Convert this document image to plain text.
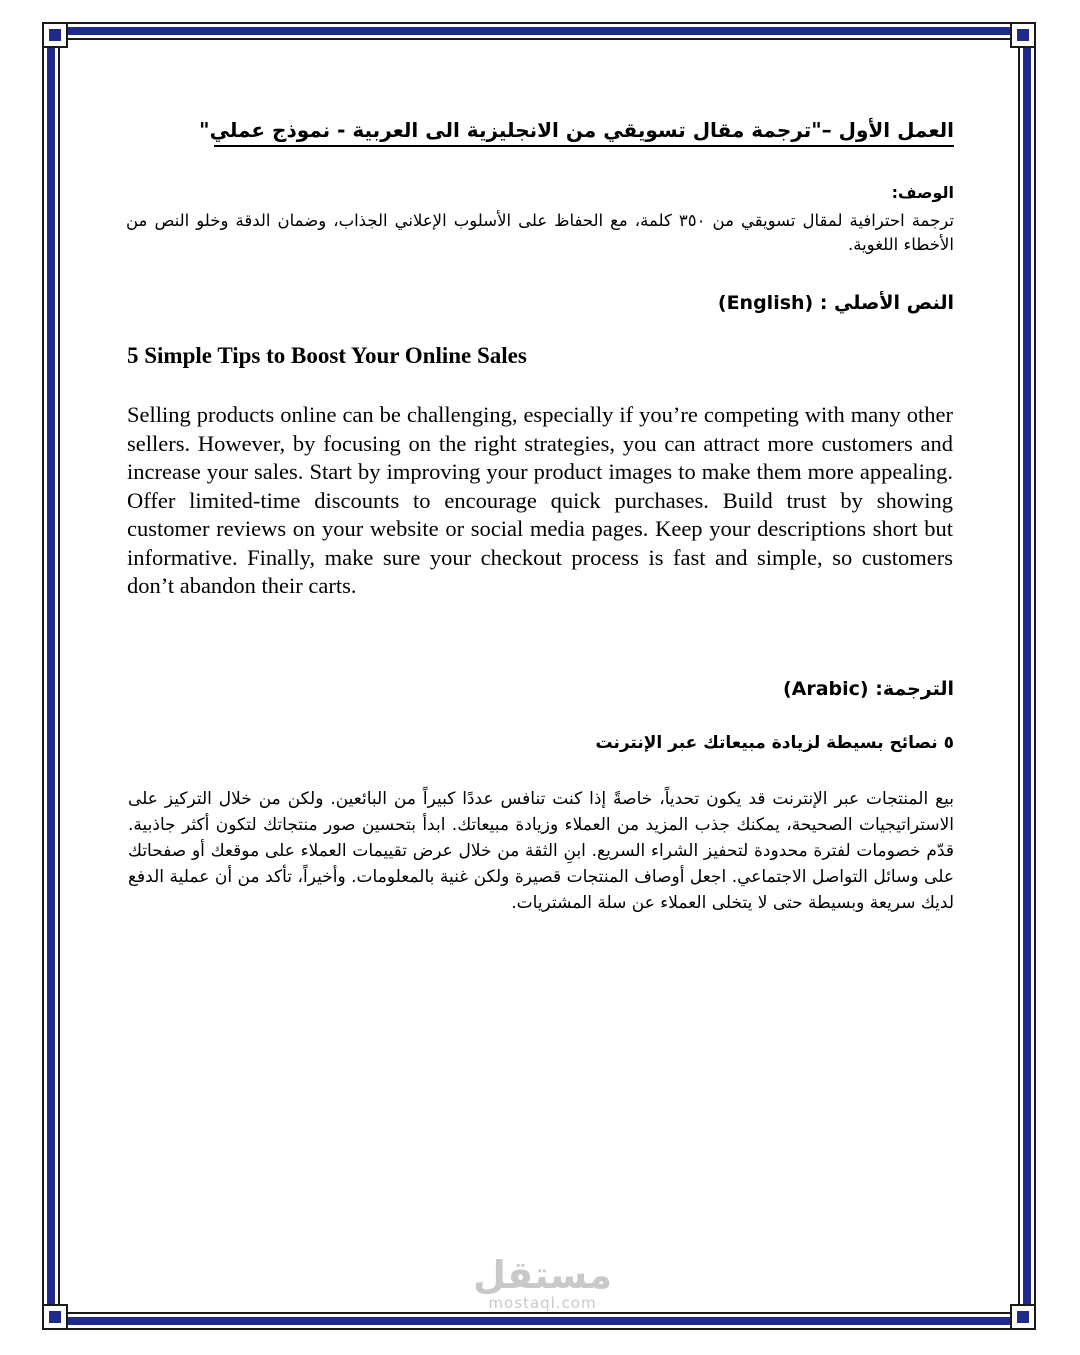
العمل الأول –"ترجمة مقال تسويقي من الانجليزية الى العربية - نموذج عملي"
الوصف:
ترجمة احترافية لمقال تسويقي من ٣٥٠ كلمة، مع الحفاظ على الأسلوب الإعلاني الجذاب، وضمان الدقة وخلو النص من الأخطاء اللغوية.
النص الأصلي : (English)
5 Simple Tips to Boost Your Online Sales
Selling products online can be challenging, especially if you’re competing with many other sellers. However, by focusing on the right strategies, you can attract more customers and increase your sales. Start by improving your product images to make them more appealing. Offer limited-time discounts to encourage quick purchases. Build trust by showing customer reviews on your website or social media pages. Keep your descriptions short but informative. Finally, make sure your checkout process is fast and simple, so customers don’t abandon their carts.
الترجمة: (Arabic)
٥ نصائح بسيطة لزيادة مبيعاتك عبر الإنترنت
بيع المنتجات عبر الإنترنت قد يكون تحدياً، خاصةً إذا كنت تنافس عددًا كبيراً من البائعين. ولكن من خلال التركيز على الاستراتيجيات الصحيحة، يمكنك جذب المزيد من العملاء وزيادة مبيعاتك. ابدأ بتحسين صور منتجاتك لتكون أكثر جاذبية. قدّم خصومات لفترة محدودة لتحفيز الشراء السريع. ابنِ الثقة من خلال عرض تقييمات العملاء على موقعك أو صفحاتك على وسائل التواصل الاجتماعي. اجعل أوصاف المنتجات قصيرة ولكن غنية بالمعلومات. وأخيراً، تأكد من أن عملية الدفع لديك سريعة وبسيطة حتى لا يتخلى العملاء عن سلة المشتريات.
مستقل
mostaql.com
